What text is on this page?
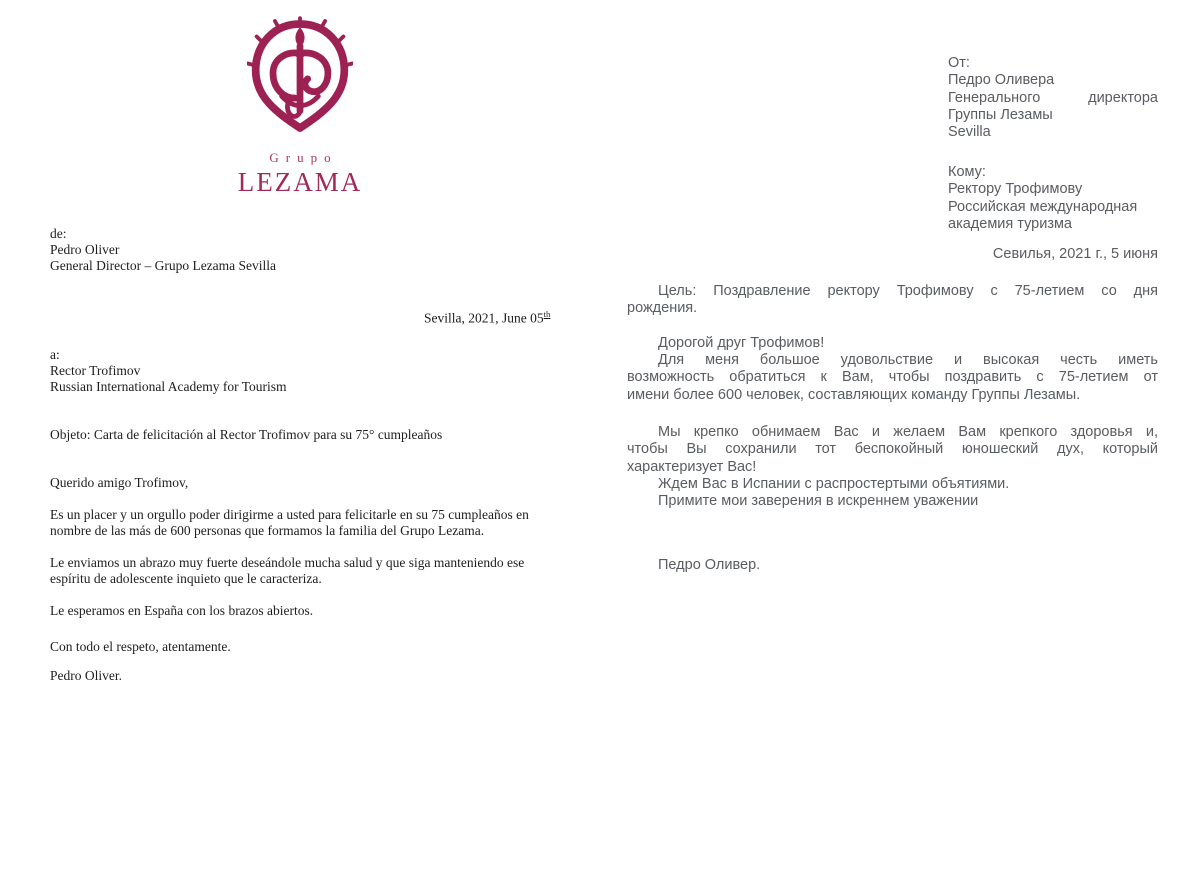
Grupo
LEZAMA
de:
Pedro Oliver
General Director – Grupo Lezama Sevilla
Sevilla, 2021, June 05th
a:
Rector Trofimov
Russian International Academy for Tourism
Objeto: Carta de felicitación al Rector Trofimov para su 75° cumpleaños
Querido amigo Trofimov,
Es un placer y un orgullo poder dirigirme a usted para felicitarle en su 75 cumpleaños en
nombre de las más de 600 personas que formamos la familia del Grupo Lezama.
Le enviamos un abrazo muy fuerte deseándole mucha salud y que siga manteniendo ese
espíritu de adolescente inquieto que le caracteriza.
Le esperamos en España con los brazos abiertos.
Con todo el respeto, atentamente.
Pedro Oliver.
От:
Педро Оливера
Генерального директора
Группы Лезамы
Sevilla
Кому:
Ректору Трофимову
Российская международная академия туризма
Севилья, 2021 г., 5 июня
Цель: Поздравление ректору Трофимову с 75-летием со дня
рождения.
Дорогой друг Трофимов!
Для меня большое удовольствие и высокая честь иметь
возможность обратиться к Вам, чтобы поздравить с 75-летием от
имени более 600 человек, составляющих команду Группы Лезамы.
Мы крепко обнимаем Вас и желаем Вам крепкого здоровья и,
чтобы Вы сохранили тот беспокойный юношеский дух, который
характеризует Вас!
Ждем Вас в Испании с распростертыми объятиями.
Примите мои заверения в искреннем уважении
Педро Оливер.
